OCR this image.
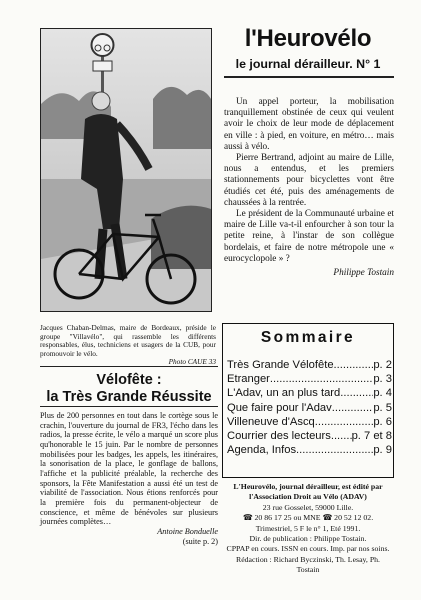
Jacques Chaban-Delmas, maire de Bordeaux, préside le groupe "Villavélo", qui rassemble les différents responsables, élus, techniciens et usagers de la CUB, pour promouvoir le vélo.
Photo CAUE 33
Vélofête :
la Très Grande Réussite
Plus de 200 personnes en tout dans le cortège sous le crachin, l'ouverture du journal de FR3, l'écho dans les radios, la presse écrite, le vélo a marqué un score plus qu'honorable le 15 juin. Par le nombre de personnes mobilisées pour les badges, les appels, les itinéraires, la sonorisation de la place, le gonflage de ballons, l'affiche et la publicité préalable, la recherche des sponsors, la Fête Manifestation a aussi été un test de viabilité de l'association. Nous étions renforcés pour la première fois du permanent-objecteur de conscience, et même de bénévoles sur plusieurs journées complètes…
Antoine Bonduelle
(suite p. 2)
l'Heurovélo
le journal dérailleur. N° 1

Un appel porteur, la mobilisation tranquillement obstinée de ceux qui veulent avoir le choix de leur mode de déplacement en ville : à pied, en voiture, en métro… mais aussi à vélo.

Pierre Bertrand, adjoint au maire de Lille, nous a entendus, et les premiers stationnements pour bicyclettes vont être étudiés cet été, puis des aménagements de chaussées à la rentrée.

Le président de la Communauté urbaine et maire de Lille va-t-il enfourcher à son tour la petite reine, à l'instar de son collègue bordelais, et faire de notre métropole une « eurocyclopole » ?

Philippe Tostain
Sommaire
Très Grande Vélofête .....	p. 2
Etranger .....	p. 3
L'Adav, un an plus tard .....	p. 4
Que faire pour l'Adav .....	p. 5
Villeneuve d'Ascq .....	p. 6
Courrier des lecteurs ..... p. 7 et 8
Agenda, Infos .....	p. 9
L'Heurovélo, journal dérailleur, est édité par l'Association Droit au Vélo (ADAV)
23 rue Gosselet, 59000 Lille.
☎ 20 86 17 25 ou MNE ☎ 20 52 12 02.
Trimestriel, 5 F le n° 1, Eté 1991.
Dir. de publication : Philippe Tostain.
CPPAP en cours. ISSN en cours. Imp. par nos soins.
Rédaction : Richard Byczinski, Th. Lesay, Ph. Tostain
